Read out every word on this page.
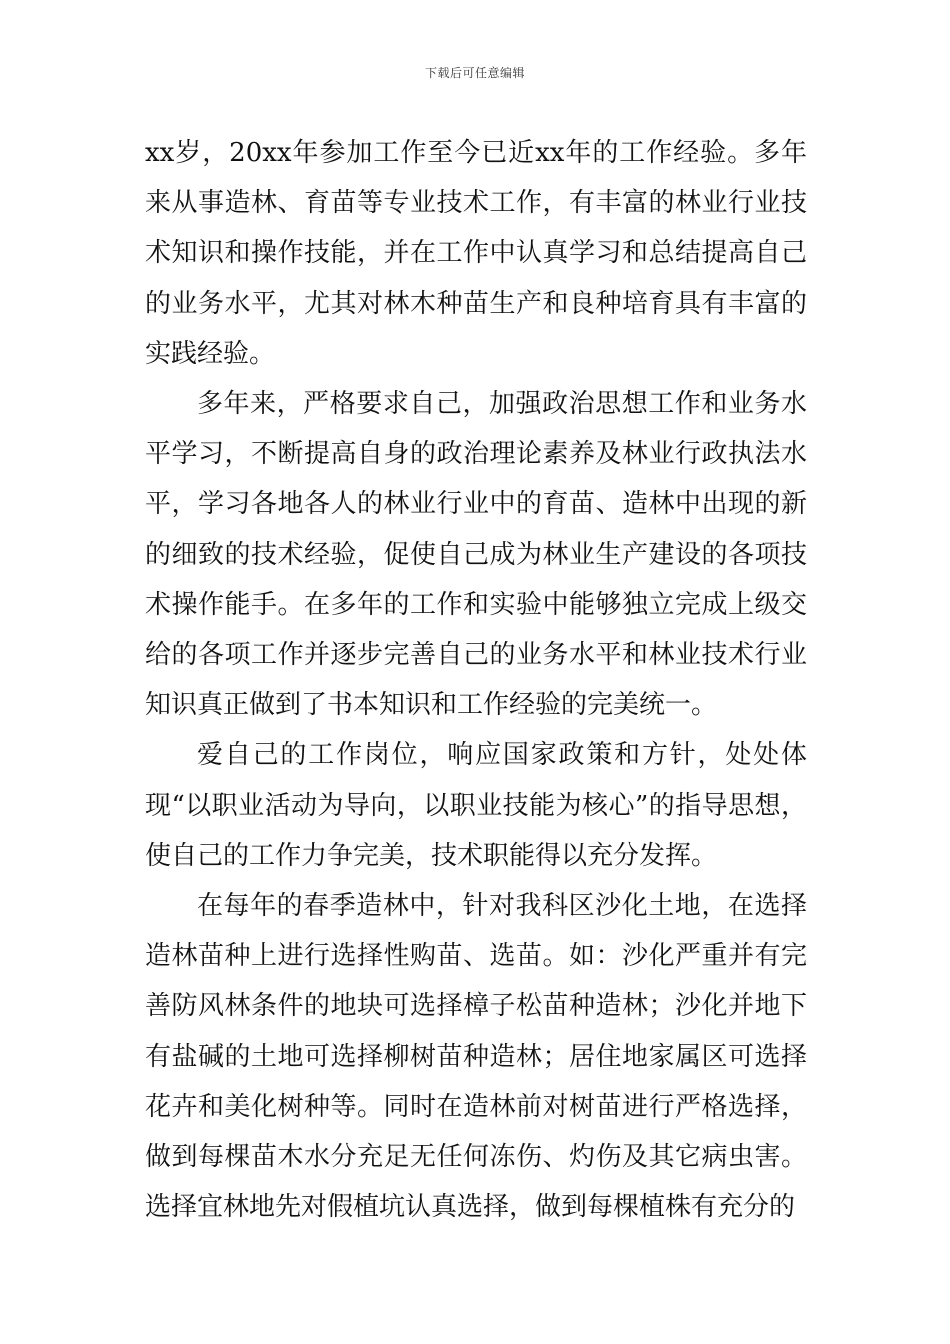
下载后可任意编辑

xx岁，20xx年参加工作至今已近xx年的工作经验。多年来从事造林、育苗等专业技术工作，有丰富的林业行业技术知识和操作技能，并在工作中认真学习和总结提高自己的业务水平，尤其对林木种苗生产和良种培育具有丰富的实践经验。

多年来，严格要求自己，加强政治思想工作和业务水平学习，不断提高自身的政治理论素养及林业行政执法水平，学习各地各人的林业行业中的育苗、造林中出现的新的细致的技术经验，促使自己成为林业生产建设的各项技术操作能手。在多年的工作和实验中能够独立完成上级交给的各项工作并逐步完善自己的业务水平和林业技术行业知识真正做到了书本知识和工作经验的完美统一。

爱自己的工作岗位，响应国家政策和方针，处处体现“以职业活动为导向，以职业技能为核心”的指导思想，使自己的工作力争完美，技术职能得以充分发挥。

在每年的春季造林中，针对我科区沙化土地，在选择造林苗种上进行选择性购苗、选苗。如：沙化严重并有完善防风林条件的地块可选择樟子松苗种造林；沙化并地下有盐碱的土地可选择柳树苗种造林；居住地家属区可选择花卉和美化树种等。同时在造林前对树苗进行严格选择，做到每棵苗木水分充足无任何冻伤、灼伤及其它病虫害。选择宜林地先对假植坑认真选择，做到每棵植株有充分的
